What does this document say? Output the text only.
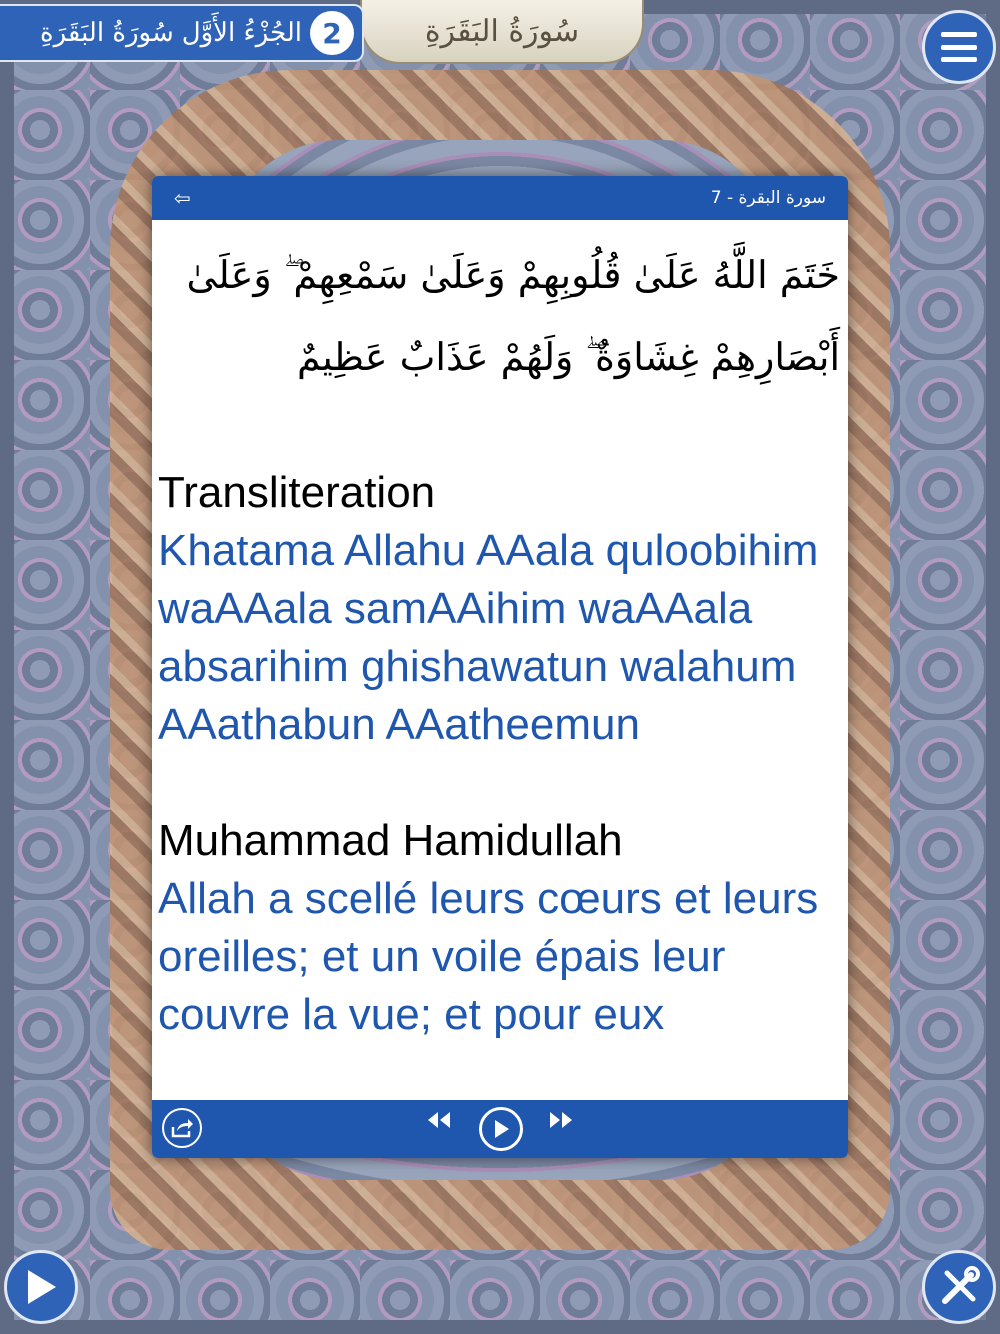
سُورَةُ البَقَرَةِ
سُورَةُ البَقَرَةِ الجُزْءُ الأَوَّل 2
⇦	سورة البقرة - 7
خَتَمَ اللَّهُ عَلَىٰ قُلُوبِهِمْ وَعَلَىٰ سَمْعِهِمْ ۖ وَعَلَىٰ أَبْصَارِهِمْ غِشَاوَةٌ ۖ وَلَهُمْ عَذَابٌ عَظِيمٌ
Transliteration
Khatama Allahu AAala quloobihim waAAala samAAihim waAAala absarihim ghishawatun walahum AAathabun AAatheemun
Muhammad Hamidullah
Allah a scellé leurs cœurs et leurs oreilles; et un voile épais leur couvre la vue; et pour eux
